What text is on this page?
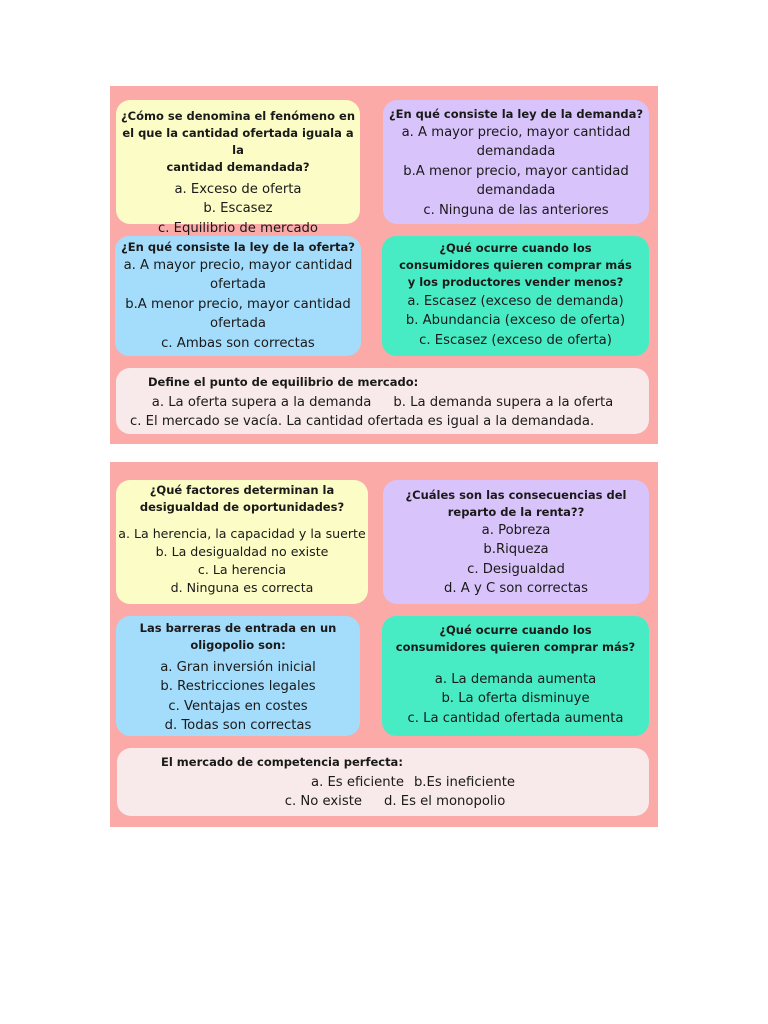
¿Cómo se denomina el fenómeno en
el que la cantidad ofertada iguala a la
cantidad demandada?
a. Exceso de oferta
b. Escasez
c. Equilibrio de mercado
¿En qué consiste la ley de la demanda?
a. A mayor precio, mayor cantidad
demandada
b.A menor precio, mayor cantidad
demandada
c. Ninguna de las anteriores
¿En qué consiste la ley de la oferta?
a. A mayor precio, mayor cantidad
ofertada
b.A menor precio, mayor cantidad
ofertada
c. Ambas son correctas
¿Qué ocurre cuando los
consumidores quieren comprar más
y los productores vender menos?
a. Escasez (exceso de demanda)
b. Abundancia (exceso de oferta)
c. Escasez (exceso de oferta)
Define el punto de equilibrio de mercado:
a. La oferta supera a la demanda b. La demanda supera a la oferta
c. El mercado se vacía. La cantidad ofertada es igual a la demandada.
¿Qué factores determinan la
desigualdad de oportunidades?
a. La herencia, la capacidad y la suerte
b. La desigualdad no existe
c. La herencia
d. Ninguna es correcta
¿Cuáles son las consecuencias del
reparto de la renta??
a. Pobreza
b.Riqueza
c. Desigualdad
d. A y C son correctas
Las barreras de entrada en un
oligopolio son:
a. Gran inversión inicial
b. Restricciones legales
c. Ventajas en costes
d. Todas son correctas
¿Qué ocurre cuando los
consumidores quieren comprar más?
a. La demanda aumenta
b. La oferta disminuye
c. La cantidad ofertada aumenta
El mercado de competencia perfecta:
a. Es eficiente b.Es ineficiente
c. No existe d. Es el monopolio
